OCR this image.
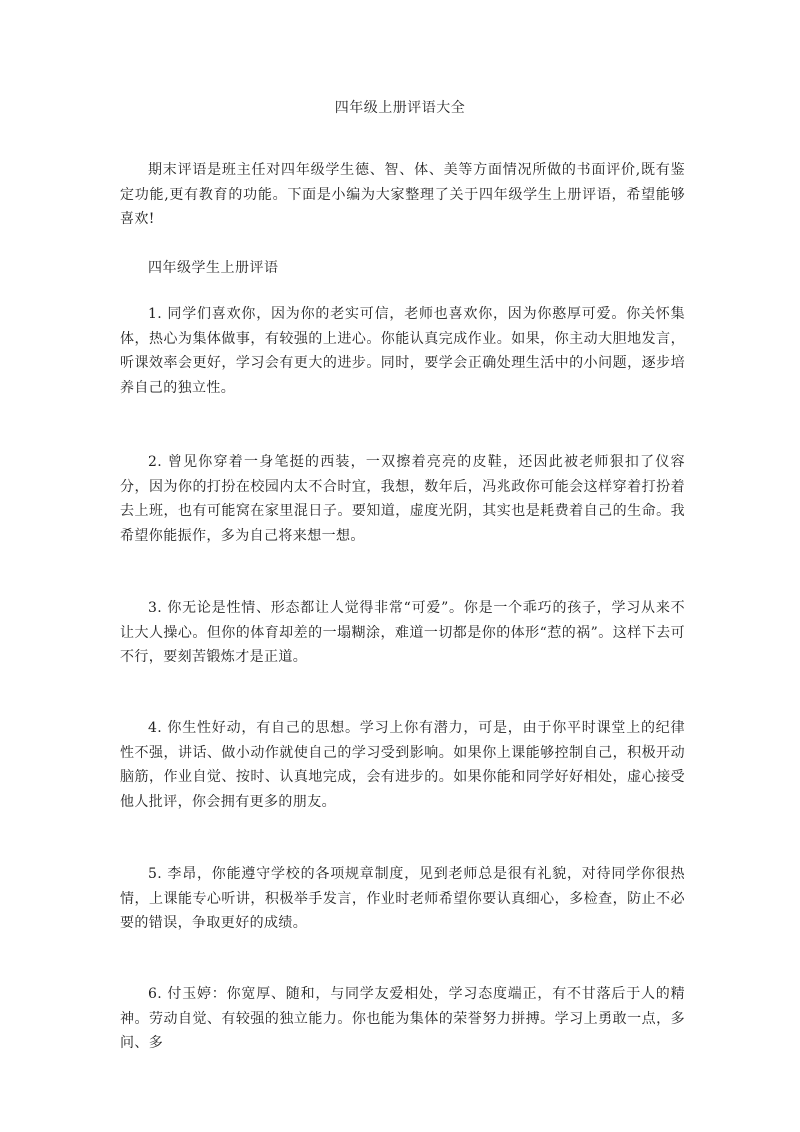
四年级上册评语大全

期末评语是班主任对四年级学生德、智、体、美等方面情况所做的书面评价,既有鉴定功能,更有教育的功能。下面是小编为大家整理了关于四年级学生上册评语，希望能够喜欢!

四年级学生上册评语

1. 同学们喜欢你，因为你的老实可信，老师也喜欢你，因为你憨厚可爱。你关怀集体，热心为集体做事，有较强的上进心。你能认真完成作业。如果，你主动大胆地发言，听课效率会更好，学习会有更大的进步。同时，要学会正确处理生活中的小问题，逐步培养自己的独立性。

2. 曾见你穿着一身笔挺的西装，一双擦着亮亮的皮鞋，还因此被老师狠扣了仪容分，因为你的打扮在校园内太不合时宜，我想，数年后，冯兆政你可能会这样穿着打扮着去上班，也有可能窝在家里混日子。要知道，虚度光阴，其实也是耗费着自己的生命。我希望你能振作，多为自己将来想一想。

3. 你无论是性情、形态都让人觉得非常“可爱”。你是一个乖巧的孩子，学习从来不让大人操心。但你的体育却差的一塌糊涂，难道一切都是你的体形“惹的祸”。这样下去可不行，要刻苦锻炼才是正道。

4. 你生性好动，有自己的思想。学习上你有潜力，可是，由于你平时课堂上的纪律性不强，讲话、做小动作就使自己的学习受到影响。如果你上课能够控制自己，积极开动脑筋，作业自觉、按时、认真地完成，会有进步的。如果你能和同学好好相处，虚心接受他人批评，你会拥有更多的朋友。

5. 李昂，你能遵守学校的各项规章制度，见到老师总是很有礼貌，对待同学你很热情，上课能专心听讲，积极举手发言，作业时老师希望你要认真细心，多检查，防止不必要的错误，争取更好的成绩。

6. 付玉婷：你宽厚、随和，与同学友爱相处，学习态度端正，有不甘落后于人的精神。劳动自觉、有较强的独立能力。你也能为集体的荣誉努力拼搏。学习上勇敢一点，多问、多
